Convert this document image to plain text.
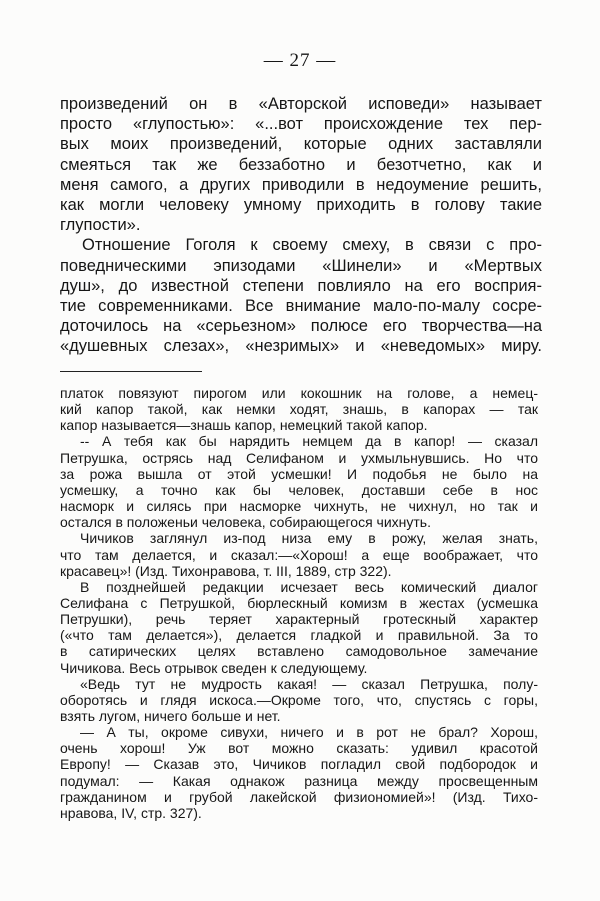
— 27 —
произведений он в «Авторской исповеди» называет
просто «глупостью»: «...вот происхождение тех пер-
вых моих произведений, которые одних заставляли
смеяться так же беззаботно и безотчетно, как и
меня самого, а других приводили в недоумение решить,
как могли человеку умному приходить в голову такие
глупости».
Отношение Гоголя к своему смеху, в связи с про-
поведническими эпизодами «Шинели» и «Мертвых
душ», до известной степени повлияло на его восприя-
тие современниками. Все внимание мало-по-малу сосре-
доточилось на «серьезном» полюсе его творчества—на
«душевных слезах», «незримых» и «неведомых» миру.
платок повязуют пирогом или кокошник на голове, а немец-
кий капор такой, как немки ходят, знашь, в капорах — так
капор называется—знашь капор, немецкий такой капор.
-- А тебя как бы нарядить немцем да в капор! — сказал
Петрушка, острясь над Селифаном и ухмыльнувшись. Но что
за рожа вышла от этой усмешки! И подобья не было на
усмешку, а точно как бы человек, доставши себе в нос
насморк и силясь при насморке чихнуть, не чихнул, но так и
остался в положеньи человека, собирающегося чихнуть.
Чичиков заглянул из-под низа ему в рожу, желая знать,
что там делается, и сказал:—«Хорош! а еще воображает, что
красавец»! (Изд. Тихонравова, т. III, 1889, стр 322).
В позднейшей редакции исчезает весь комический диалог
Селифана с Петрушкой, бюрлескный комизм в жестах (усмешка
Петрушки), речь теряет характерный гротескный характер
(«что там делается»), делается гладкой и правильной. За то
в сатирических целях вставлено самодовольное замечание
Чичикова. Весь отрывок сведен к следующему.
«Ведь тут не мудрость какая! — сказал Петрушка, полу-
оборотясь и глядя искоса.—Окроме того, что, спустясь с горы,
взять лугом, ничего больше и нет.
— А ты, окроме сивухи, ничего и в рот не брал? Хорош,
очень хорош! Уж вот можно сказать: удивил красотой
Европу! — Сказав это, Чичиков погладил свой подбородок и
подумал: — Какая однакож разница между просвещенным
гражданином и грубой лакейской физиономией»! (Изд. Тихо-
нравова, IV, стр. 327).
